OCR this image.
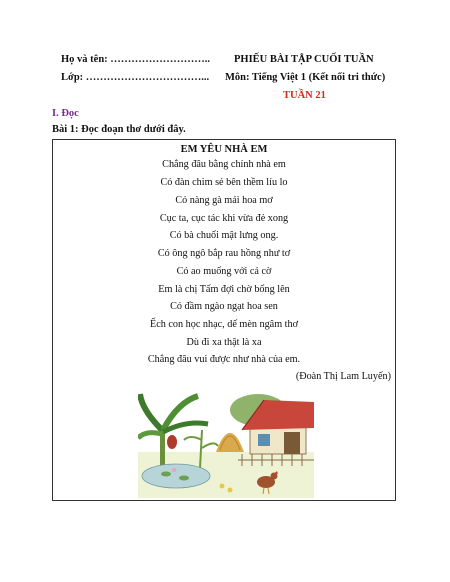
Họ và tên: ……………………….. PHIẾU BÀI TẬP CUỐI TUẦN
Lớp: ……………………………... Môn: Tiếng Việt 1 (Kết nối tri thức)
TUẦN 21
I. Đọc
Bài 1: Đọc đoạn thơ dưới đây.
EM YÊU NHÀ EM
Chẳng đâu bằng chính nhà em
Có đàn chim sẻ bên thềm líu lo
Có nàng gà mái hoa mơ
Cục ta, cục tác khi vừa đẻ xong
Có bà chuối mật lưng ong.
Có ông ngô bắp rau hồng như tơ
Có ao muống với cá cờ
Em là chị Tấm đợi chờ bống lên
Có đầm ngào ngạt hoa sen
Ếch con học nhạc, dế mèn ngâm thơ
Dù đi xa thật là xa
Chẳng đâu vui được như nhà của em.
(Đoàn Thị Lam Luyến)
